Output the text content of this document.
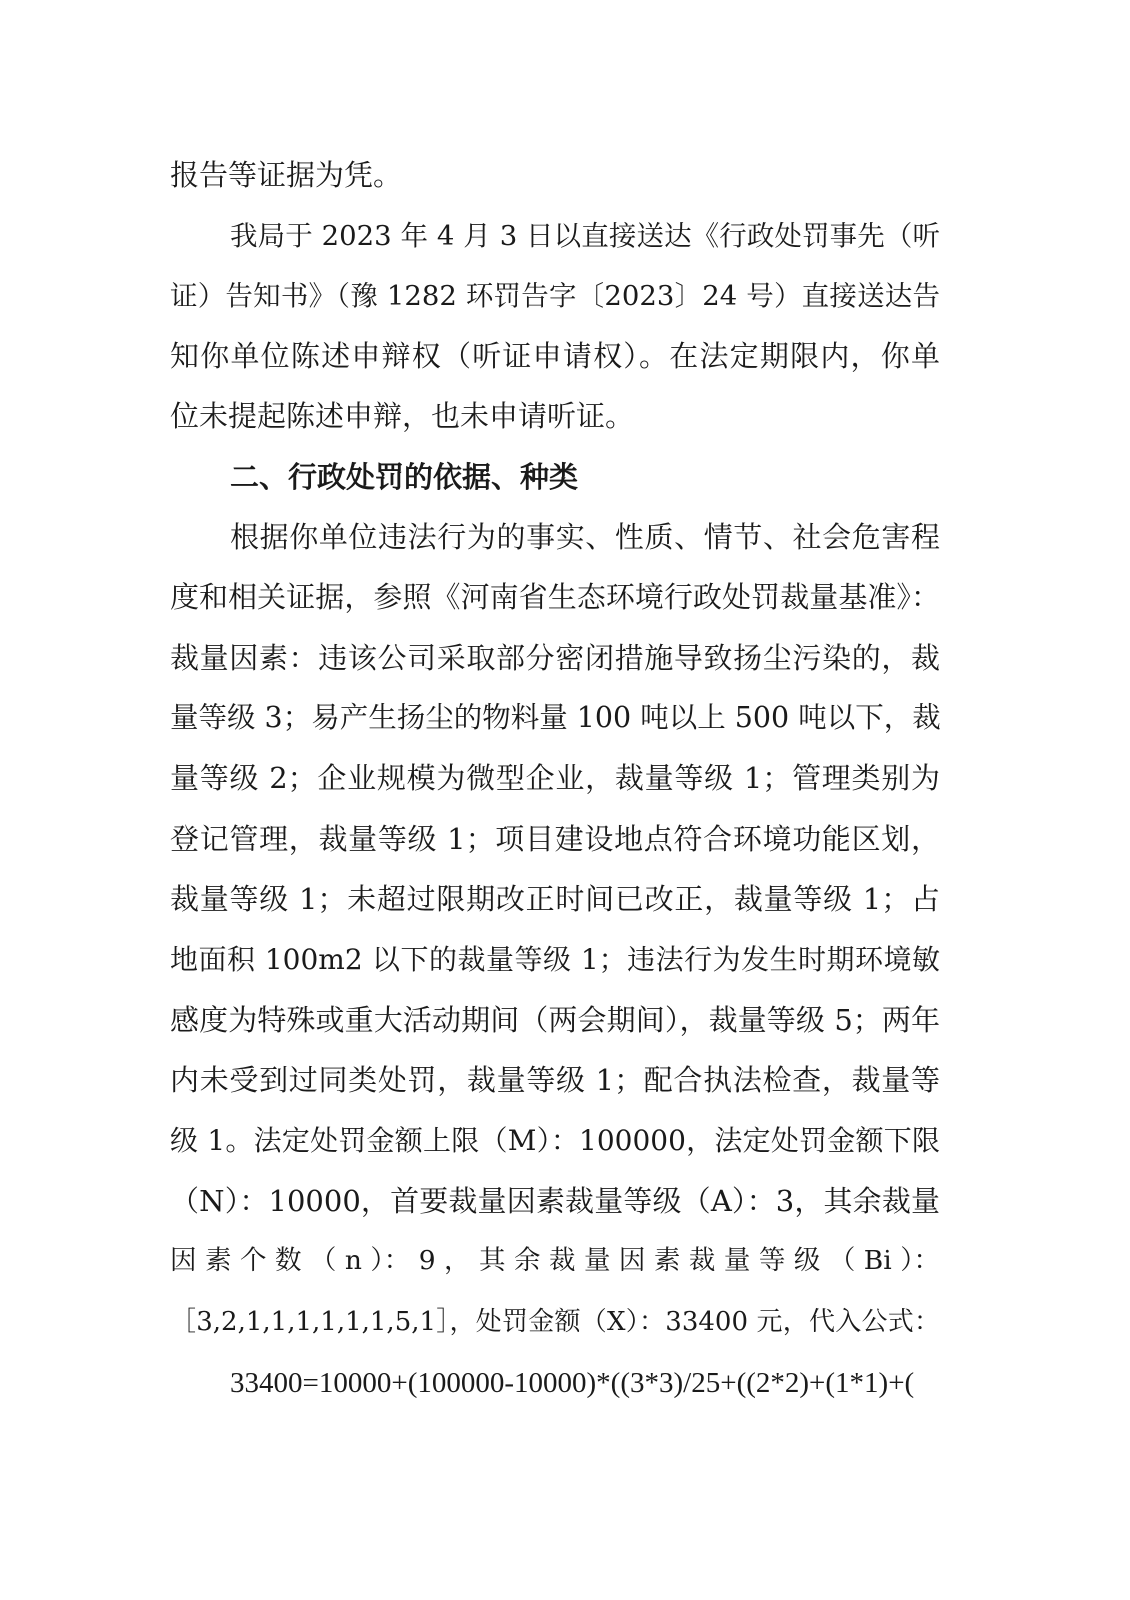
报告等证据为凭。
我局于 2023 年 4 月 3 日以直接送达《行政处罚事先（听
证）告知书》（豫 1282 环罚告字〔2023〕24 号）直接送达告
知你单位陈述申辩权（听证申请权）。在法定期限内，你单
位未提起陈述申辩，也未申请听证。
二、行政处罚的依据、种类
根据你单位违法行为的事实、性质、情节、社会危害程
度和相关证据，参照《河南省生态环境行政处罚裁量基准》：
裁量因素：违该公司采取部分密闭措施导致扬尘污染的，裁
量等级 3；易产生扬尘的物料量 100 吨以上 500 吨以下，裁
量等级 2；企业规模为微型企业，裁量等级 1；管理类别为
登记管理，裁量等级 1；项目建设地点符合环境功能区划，
裁量等级 1；未超过限期改正时间已改正，裁量等级 1；占
地面积 100m2 以下的裁量等级 1；违法行为发生时期环境敏
感度为特殊或重大活动期间（两会期间），裁量等级 5；两年
内未受到过同类处罚，裁量等级 1；配合执法检查，裁量等
级 1。法定处罚金额上限（M）：100000，法定处罚金额下限
（N）：10000，首要裁量因素裁量等级（A）：3，其余裁量
因 素 个 数 （ n ）： 9 ， 其 余 裁 量 因 素 裁 量 等 级 （ Bi ）：
［3,2,1,1,1,1,1,1,5,1］，处罚金额（X）：33400 元，代入公式：
33400=10000+(100000-10000)*((3*3)/25+((2*2)+(1*1)+(
